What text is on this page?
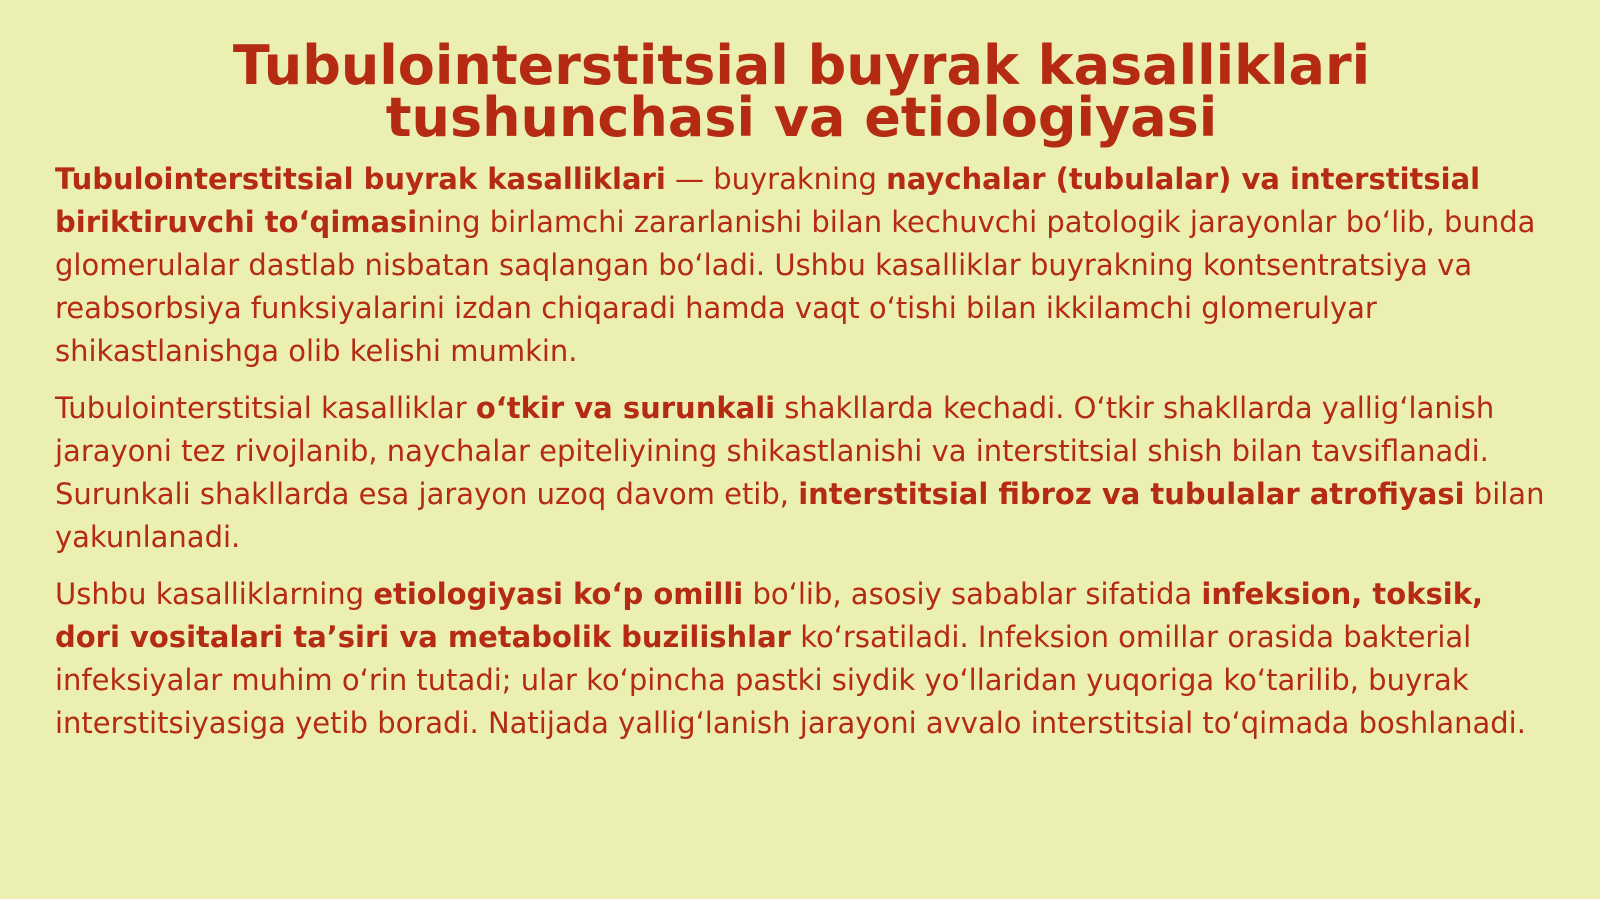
Tubulointerstitsial buyrak kasalliklari
tushunchasi va etiologiyasi

Tubulointerstitsial buyrak kasalliklari — buyrakning naychalar (tubulalar) va interstitsial biriktiruvchi to‘qimasining birlamchi zararlanishi bilan kechuvchi patologik jarayonlar bo‘lib, bunda glomerulalar dastlab nisbatan saqlangan bo‘ladi. Ushbu kasalliklar buyrakning kontsentratsiya va reabsorbsiya funksiyalarini izdan chiqaradi hamda vaqt o‘tishi bilan ikkilamchi glomerulyar shikastlanishga olib kelishi mumkin.

Tubulointerstitsial kasalliklar o‘tkir va surunkali shakllarda kechadi. O‘tkir shakllarda yallig‘lanish jarayoni tez rivojlanib, naychalar epiteliyining shikastlanishi va interstitsial shish bilan tavsiflanadi. Surunkali shakllarda esa jarayon uzoq davom etib, interstitsial fibroz va tubulalar atrofiyasi bilan yakunlanadi.

Ushbu kasalliklarning etiologiyasi ko‘p omilli bo‘lib, asosiy sabablar sifatida infeksion, toksik, dori vositalari ta’siri va metabolik buzilishlar ko‘rsatiladi. Infeksion omillar orasida bakterial infeksiyalar muhim o‘rin tutadi; ular ko‘pincha pastki siydik yo‘llaridan yuqoriga ko‘tarilib, buyrak interstitsiyasiga yetib boradi. Natijada yallig‘lanish jarayoni avvalo interstitsial to‘qimada boshlanadi.
